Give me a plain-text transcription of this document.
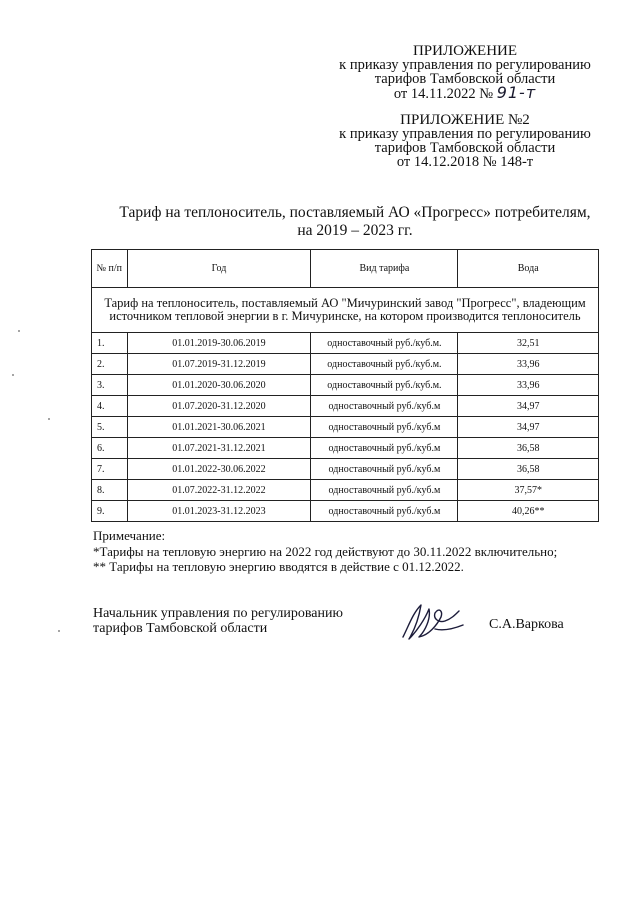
ПРИЛОЖЕНИЕ
к приказу управления по регулированию
тарифов Тамбовской области
от 14.11.2022 № 91-т
ПРИЛОЖЕНИЕ №2
к приказу управления по регулированию
тарифов Тамбовской области
от 14.12.2018 № 148-т
Тариф на теплоноситель, поставляемый АО «Прогресс» потребителям,
на 2019 – 2023 гг.
№ п/п	Год	Вид тарифа	Вода
Тариф на теплоноситель, поставляемый АО "Мичуринский завод "Прогресс", владеющим источником тепловой энергии в г. Мичуринске, на котором производится теплоноситель			
1.	01.01.2019-30.06.2019	одноставочный руб./куб.м.	32,51
2.	01.07.2019-31.12.2019	одноставочный руб./куб.м.	33,96
3.	01.01.2020-30.06.2020	одноставочный руб./куб.м.	33,96
4.	01.07.2020-31.12.2020	одноставочный руб./куб.м	34,97
5.	01.01.2021-30.06.2021	одноставочный руб./куб.м	34,97
6.	01.07.2021-31.12.2021	одноставочный руб./куб.м	36,58
7.	01.01.2022-30.06.2022	одноставочный руб./куб.м	36,58
8.	01.07.2022-31.12.2022	одноставочный руб./куб.м	37,57*
9.	01.01.2023-31.12.2023	одноставочный руб./куб.м	40,26**
Примечание:
*Тарифы на тепловую энергию на 2022 год действуют до 30.11.2022 включительно;
** Тарифы на тепловую энергию вводятся в действие с 01.12.2022.
Начальник управления по регулированию
тарифов Тамбовской области	С.А.Варкова
